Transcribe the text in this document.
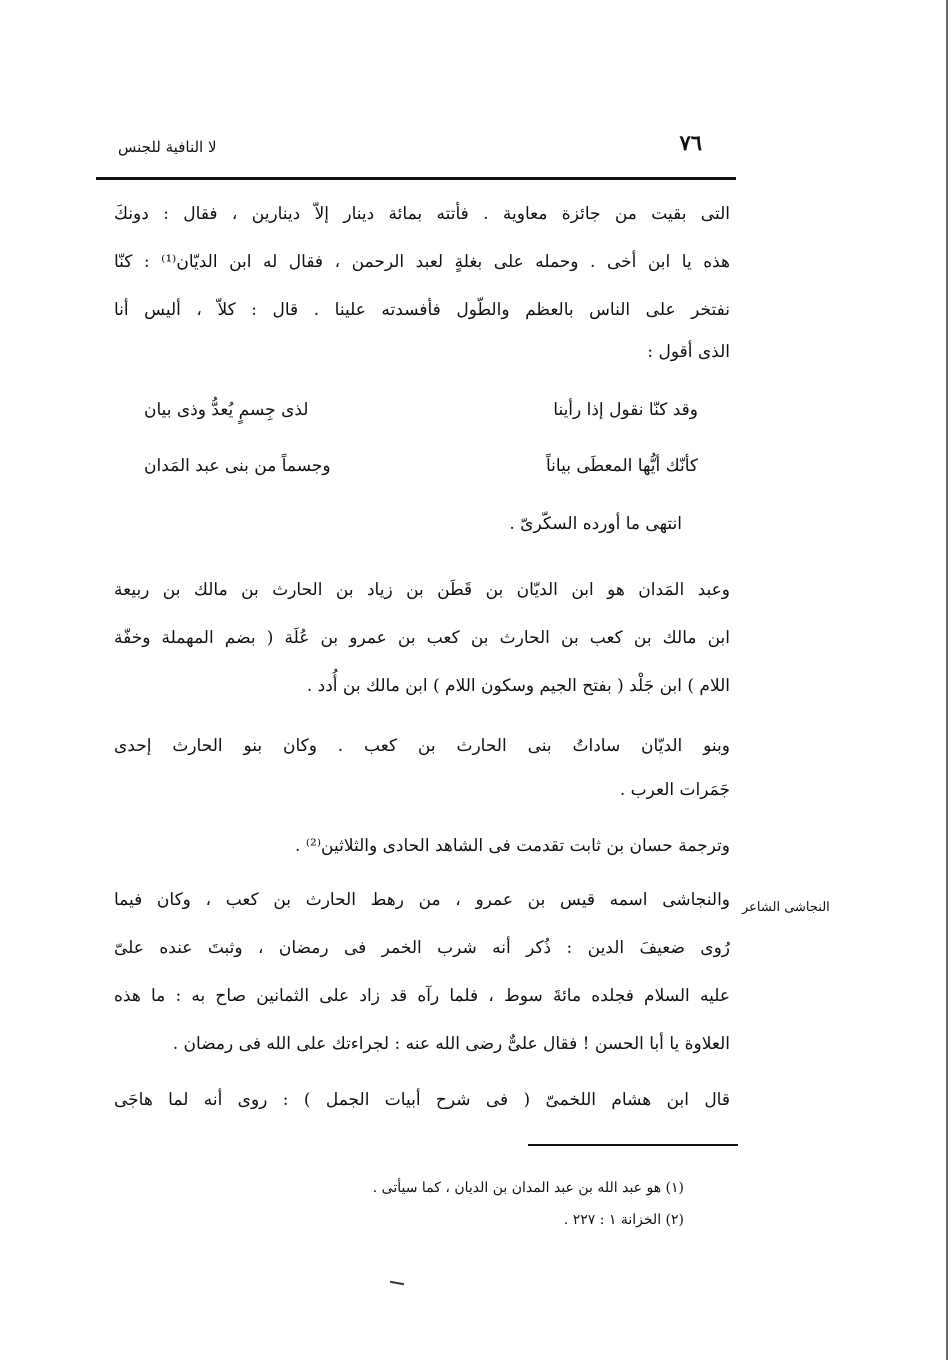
٧٦
لا النافية للجنس
التى بقيت من جائزة معاوية . فأتته بمائة دينار إلاّ دينارين ، فقال : دونكَ
هذه يا ابن أخى . وحمله على بغلةٍ لعبد الرحمن ، فقال له ابن الديّان⁽¹⁾ : كنّا
نفتخر على الناس بالعظم والطّول فأفسدته علينا . قال : كلاّ ، أليس أنا
الذى أقول :
وقد كنّا نقول إذا رأينا
لذى جِسمٍ يُعدُّ وذى بيان
كأنّك أيُّها المعطَى بياناً
وجسماً من بنى عبد المَدان
انتهى ما أورده السكّرىّ .
وعبد المَدان هو ابن الديّان بن قَطَن بن زياد بن الحارث بن مالك بن ربيعة
ابن مالك بن كعب بن الحارث بن كعب بن عمرو بن عُلَة ( بضم المهملة وخفّة
اللام ) ابن جَلْد ( بفتح الجيم وسكون اللام ) ابن مالك بن أُدد .
وبنو الديّان ساداتُ بنى الحارث بن كعب . وكان بنو الحارث إحدى
جَمَرات العرب .
وترجمة حسان بن ثابت تقدمت فى الشاهد الحادى والثلاثين⁽²⁾ .
النجاشى الشاعر
والنجاشى اسمه قيس بن عمرو ، من رهط الحارث بن كعب ، وكان فيما
رُوى ضعيفَ الدين : ذُكر أنه شرب الخمر فى رمضان ، وثبتَ عنده علىّ
عليه السلام فجلده مائةَ سوط ، فلما رآه قد زاد على الثمانين صاح به : ما هذه
العلاوة يا أبا الحسن ! فقال علىٌّ رضى الله عنه : لجراءتك على الله فى رمضان .
قال ابن هشام اللخمىّ ( فى شرح أبيات الجمل ) : روى أنه لما هاجَى
(١) هو عبد الله بن عبد المدان بن الديان ، كما سيأتى .
(٢) الخزانة ١ : ٢٢٧ .
